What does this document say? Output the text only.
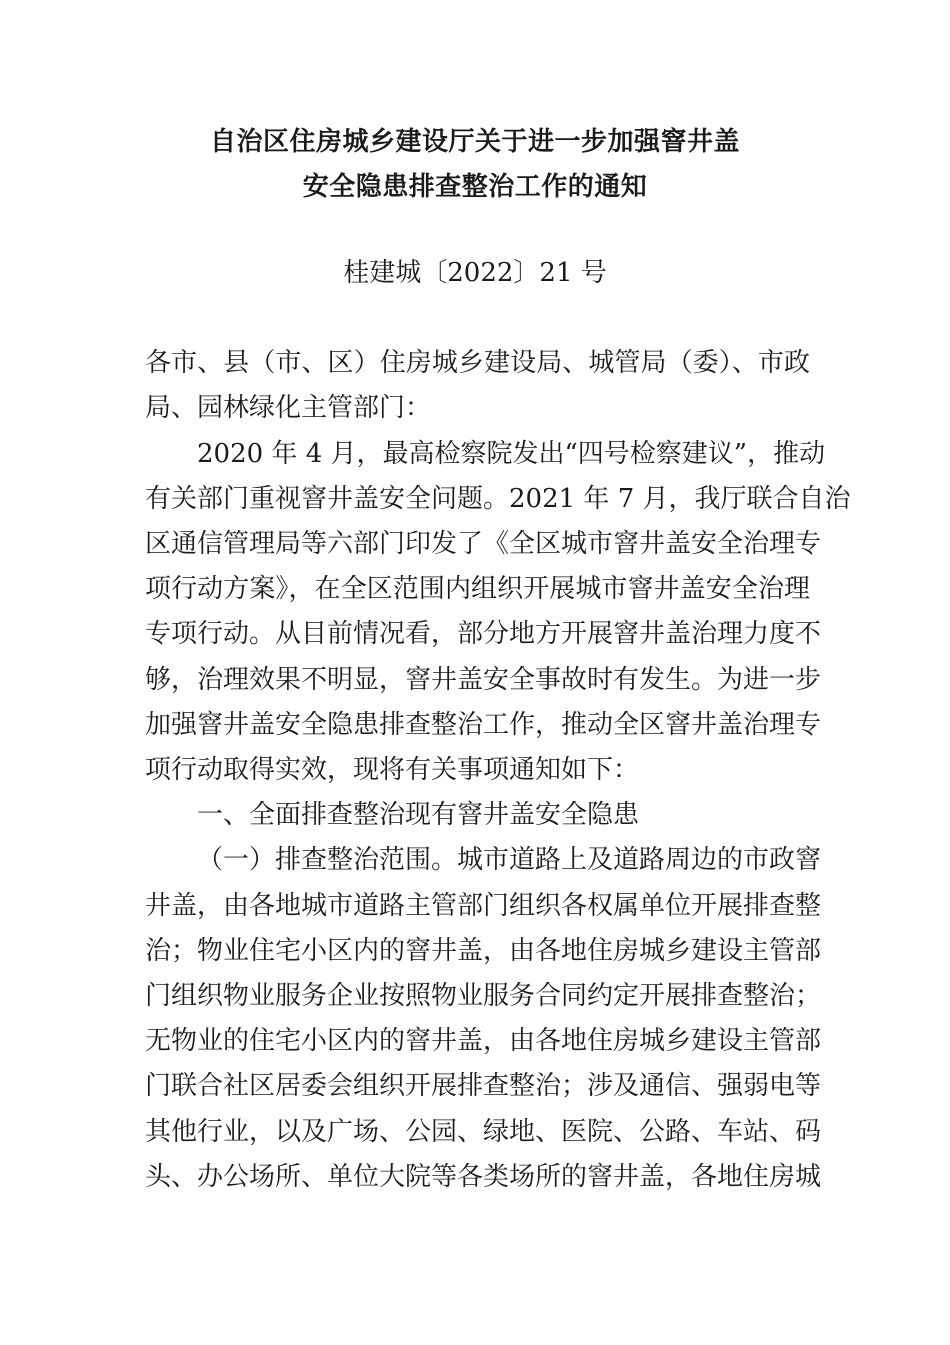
自治区住房城乡建设厅关于进一步加强窨井盖
安全隐患排查整治工作的通知
桂建城〔2022〕21 号
各市、县（市、区）住房城乡建设局、城管局（委）、市政
局、园林绿化主管部门：
2020 年 4 月，最高检察院发出“四号检察建议”，推动
有关部门重视窨井盖安全问题。2021 年 7 月，我厅联合自治
区通信管理局等六部门印发了《全区城市窨井盖安全治理专
项行动方案》，在全区范围内组织开展城市窨井盖安全治理
专项行动。从目前情况看，部分地方开展窨井盖治理力度不
够，治理效果不明显，窨井盖安全事故时有发生。为进一步
加强窨井盖安全隐患排查整治工作，推动全区窨井盖治理专
项行动取得实效，现将有关事项通知如下：
一、全面排查整治现有窨井盖安全隐患
（一）排查整治范围。城市道路上及道路周边的市政窨
井盖，由各地城市道路主管部门组织各权属单位开展排查整
治；物业住宅小区内的窨井盖，由各地住房城乡建设主管部
门组织物业服务企业按照物业服务合同约定开展排查整治；
无物业的住宅小区内的窨井盖，由各地住房城乡建设主管部
门联合社区居委会组织开展排查整治；涉及通信、强弱电等
其他行业，以及广场、公园、绿地、医院、公路、车站、码
头、办公场所、单位大院等各类场所的窨井盖，各地住房城
